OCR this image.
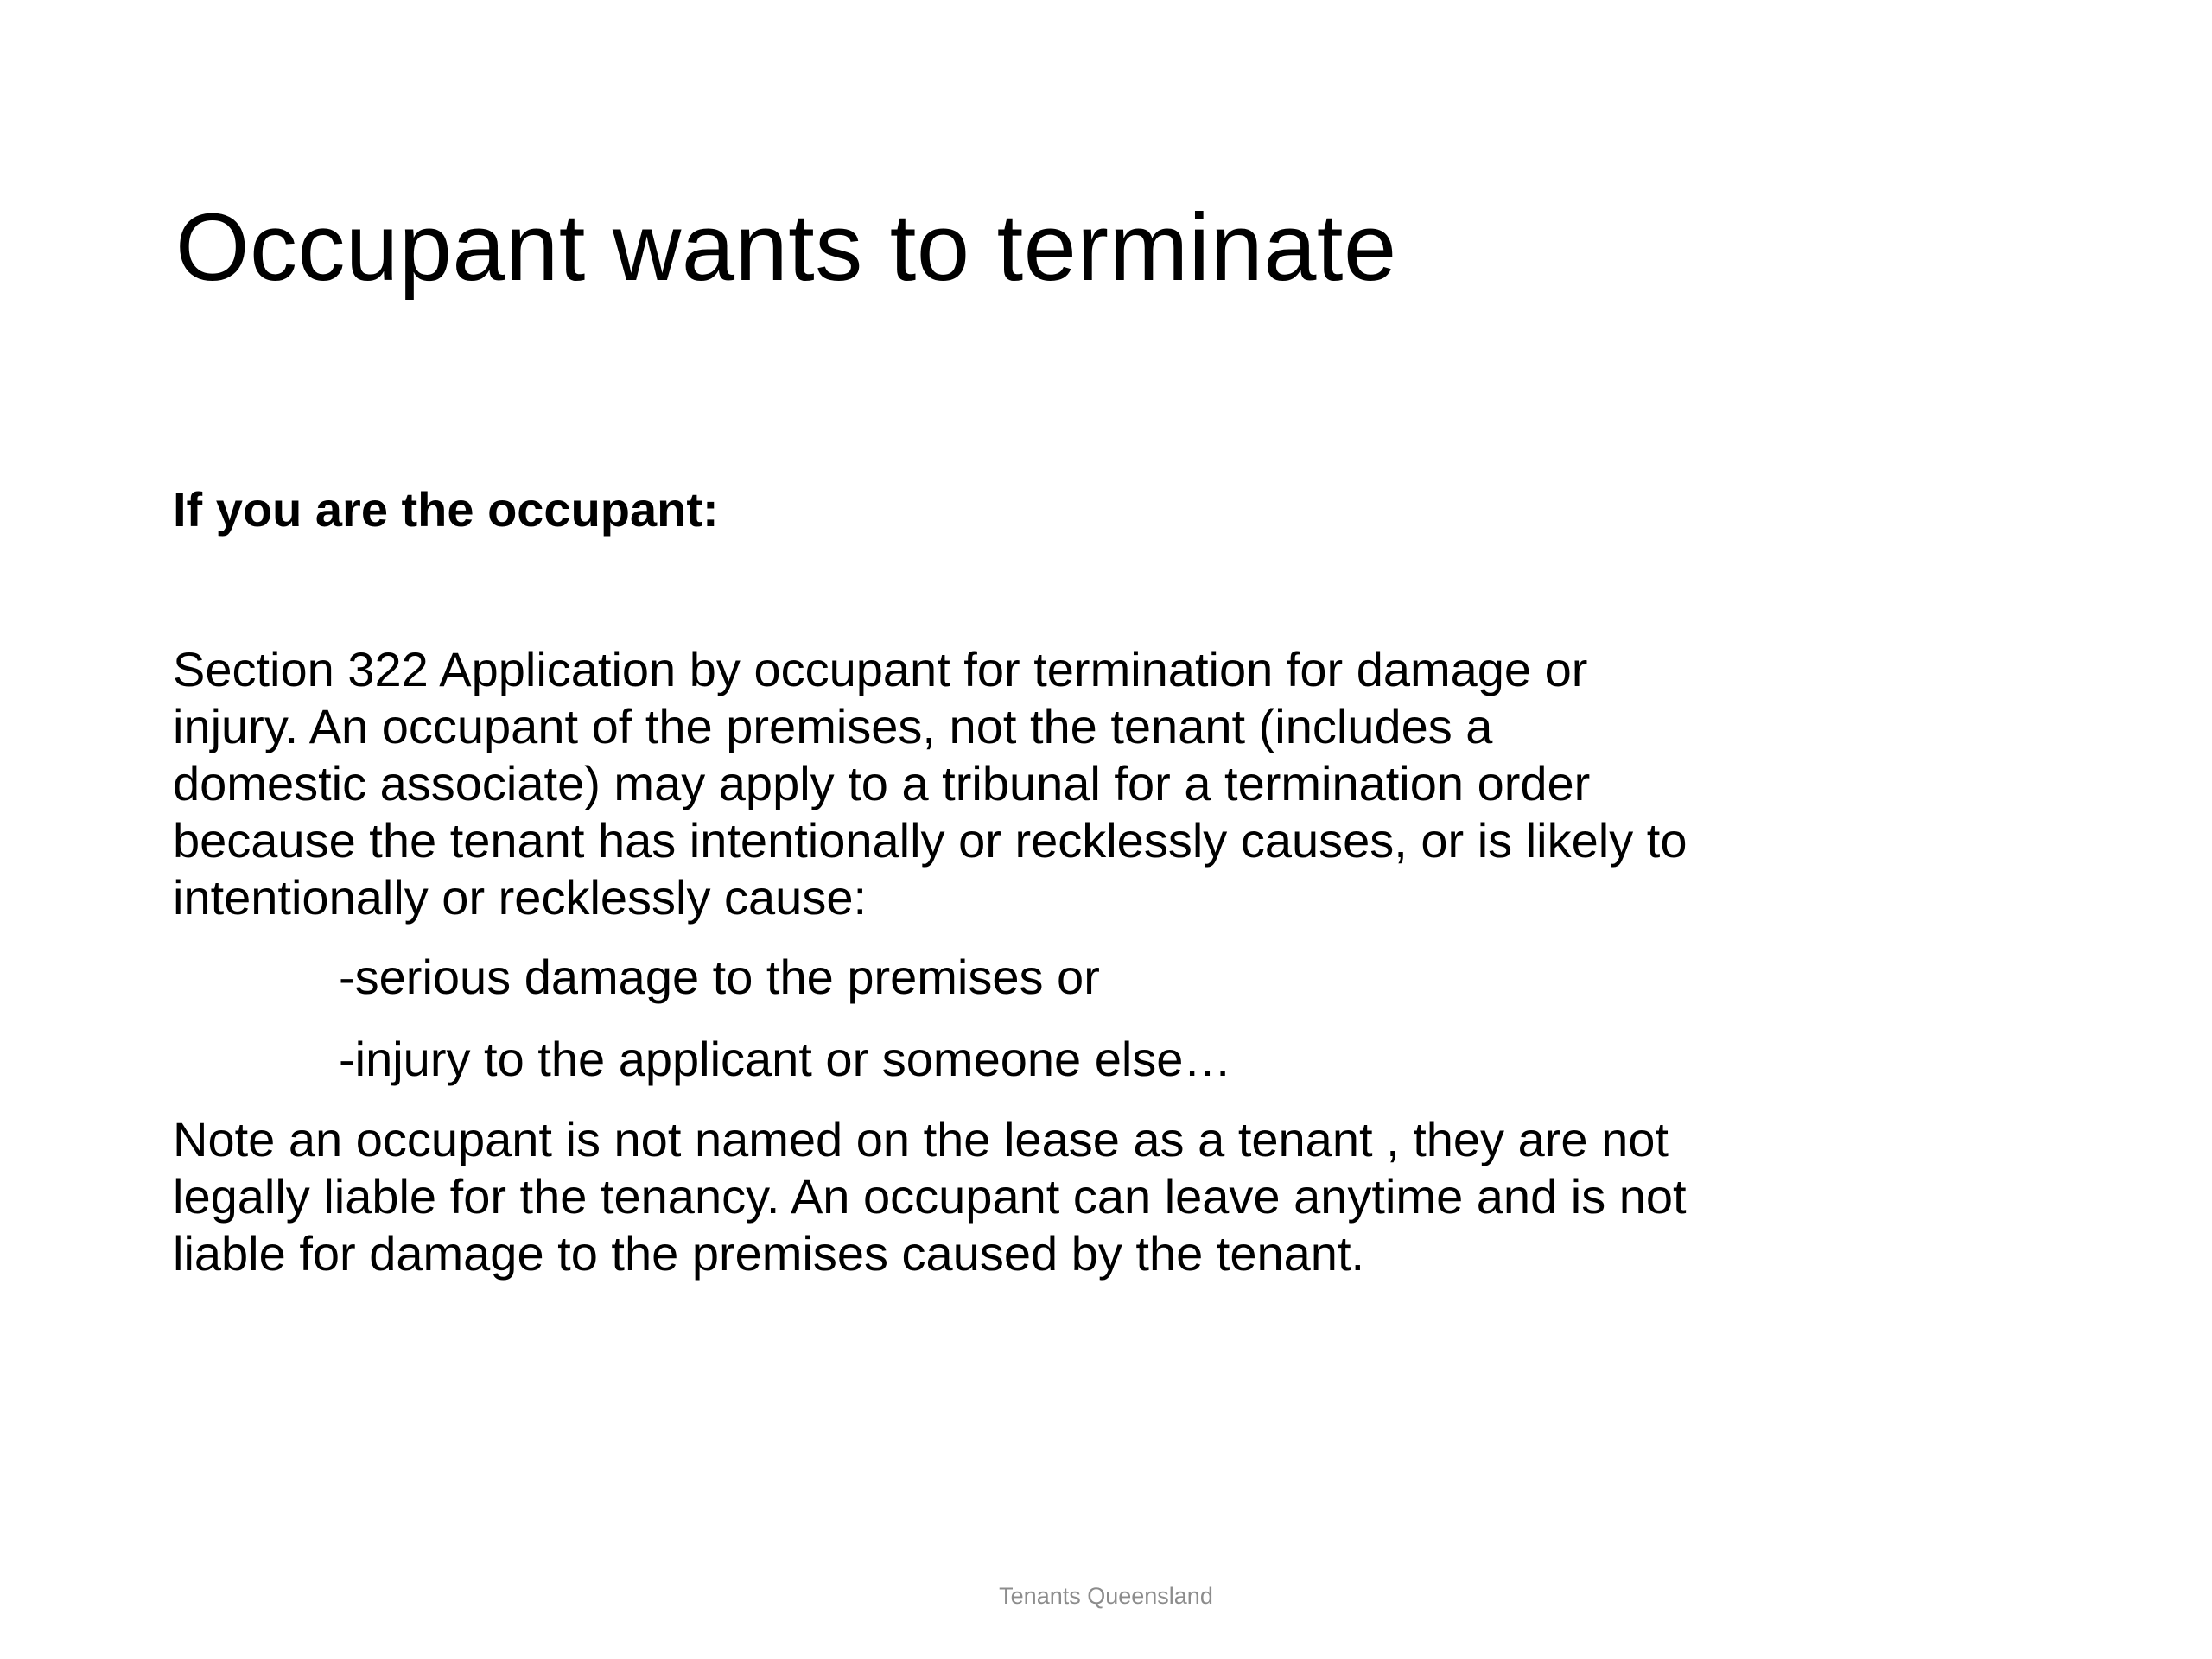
Occupant wants to terminate

If you are the occupant:

Section 322 Application by occupant for termination for damage or injury. An occupant of the premises, not the tenant (includes a domestic associate) may apply to a tribunal for a termination order because the tenant has intentionally or recklessly causes, or is likely to intentionally or recklessly cause:

-serious damage to the premises or

-injury to the applicant or someone else…

Note an occupant is not named on the lease as a tenant , they are not legally liable for the tenancy. An occupant can leave anytime and is not liable for damage to the premises caused by the tenant.

Tenants Queensland
